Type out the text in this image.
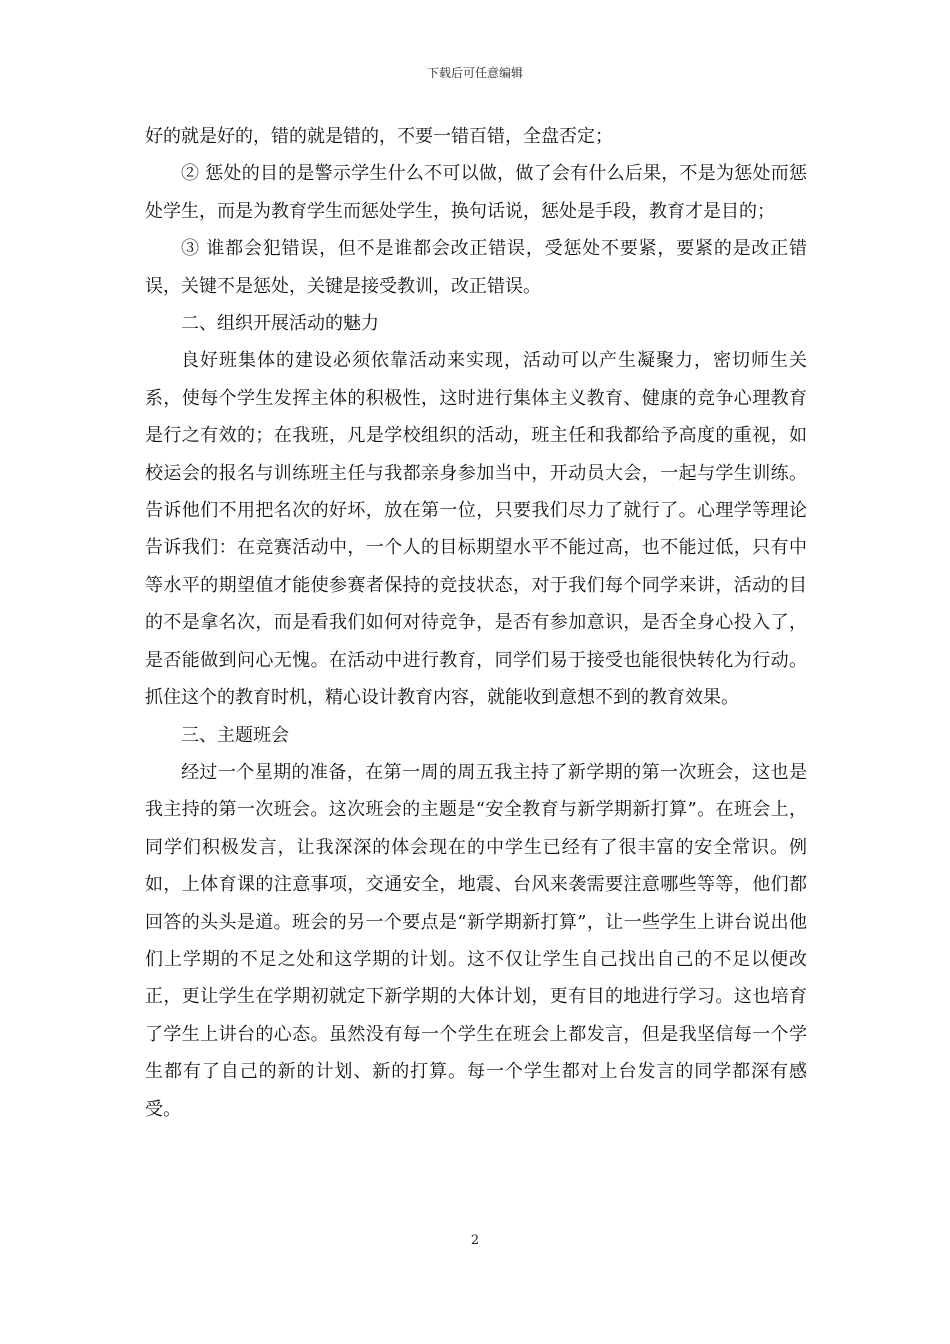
下载后可任意编辑

好的就是好的，错的就是错的，不要一错百错，全盘否定；

② 惩处的目的是警示学生什么不可以做，做了会有什么后果，不是为惩处而惩处学生，而是为教育学生而惩处学生，换句话说，惩处是手段，教育才是目的；

③ 谁都会犯错误，但不是谁都会改正错误，受惩处不要紧，要紧的是改正错误，关键不是惩处，关键是接受教训，改正错误。

二、组织开展活动的魅力

良好班集体的建设必须依靠活动来实现，活动可以产生凝聚力，密切师生关系，使每个学生发挥主体的积极性，这时进行集体主义教育、健康的竞争心理教育是行之有效的；在我班，凡是学校组织的活动，班主任和我都给予高度的重视，如校运会的报名与训练班主任与我都亲身参加当中，开动员大会，一起与学生训练。告诉他们不用把名次的好坏，放在第一位，只要我们尽力了就行了。心理学等理论告诉我们：在竞赛活动中，一个人的目标期望水平不能过高，也不能过低，只有中等水平的期望值才能使参赛者保持的竞技状态，对于我们每个同学来讲，活动的目的不是拿名次，而是看我们如何对待竞争，是否有参加意识，是否全身心投入了，是否能做到问心无愧。在活动中进行教育，同学们易于接受也能很快转化为行动。抓住这个的教育时机，精心设计教育内容，就能收到意想不到的教育效果。

三、主题班会

经过一个星期的准备，在第一周的周五我主持了新学期的第一次班会，这也是我主持的第一次班会。这次班会的主题是“安全教育与新学期新打算”。在班会上，同学们积极发言，让我深深的体会现在的中学生已经有了很丰富的安全常识。例如，上体育课的注意事项，交通安全，地震、台风来袭需要注意哪些等等，他们都回答的头头是道。班会的另一个要点是“新学期新打算”，让一些学生上讲台说出他们上学期的不足之处和这学期的计划。这不仅让学生自己找出自己的不足以便改正，更让学生在学期初就定下新学期的大体计划，更有目的地进行学习。这也培育了学生上讲台的心态。虽然没有每一个学生在班会上都发言，但是我坚信每一个学生都有了自己的新的计划、新的打算。每一个学生都对上台发言的同学都深有感受。

2
